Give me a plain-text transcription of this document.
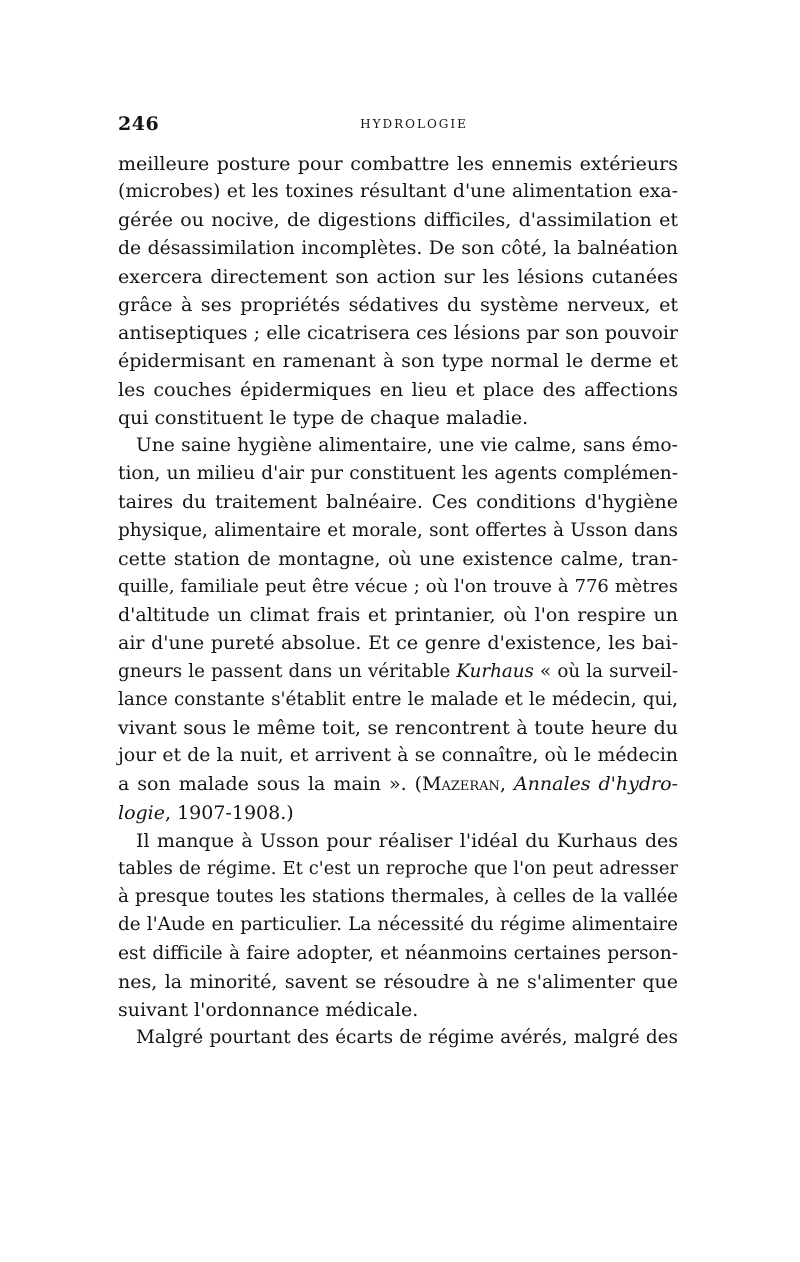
246	HYDROLOGIE

meilleure posture pour combattre les ennemis extérieurs
(microbes) et les toxines résultant d'une alimentation exa-
gérée ou nocive, de digestions difficiles, d'assimilation et
de désassimilation incomplètes. De son côté, la balnéation
exercera directement son action sur les lésions cutanées
grâce à ses propriétés sédatives du système nerveux, et
antiseptiques ; elle cicatrisera ces lésions par son pouvoir
épidermisant en ramenant à son type normal le derme et
les couches épidermiques en lieu et place des affections
qui constituent le type de chaque maladie.

Une saine hygiène alimentaire, une vie calme, sans émo-
tion, un milieu d'air pur constituent les agents complémen-
taires du traitement balnéaire. Ces conditions d'hygiène
physique, alimentaire et morale, sont offertes à Usson dans
cette station de montagne, où une existence calme, tran-
quille, familiale peut être vécue ; où l'on trouve à 776 mètres
d'altitude un climat frais et printanier, où l'on respire un
air d'une pureté absolue. Et ce genre d'existence, les bai-
gneurs le passent dans un véritable Kurhaus « où la surveil-
lance constante s'établit entre le malade et le médecin, qui,
vivant sous le même toit, se rencontrent à toute heure du
jour et de la nuit, et arrivent à se connaître, où le médecin
a son malade sous la main ». (Mazeran, Annales d'hydro-
logie, 1907-1908.)

Il manque à Usson pour réaliser l'idéal du Kurhaus des
tables de régime. Et c'est un reproche que l'on peut adresser
à presque toutes les stations thermales, à celles de la vallée
de l'Aude en particulier. La nécessité du régime alimentaire
est difficile à faire adopter, et néanmoins certaines person-
nes, la minorité, savent se résoudre à ne s'alimenter que
suivant l'ordonnance médicale.

Malgré pourtant des écarts de régime avérés, malgré des
